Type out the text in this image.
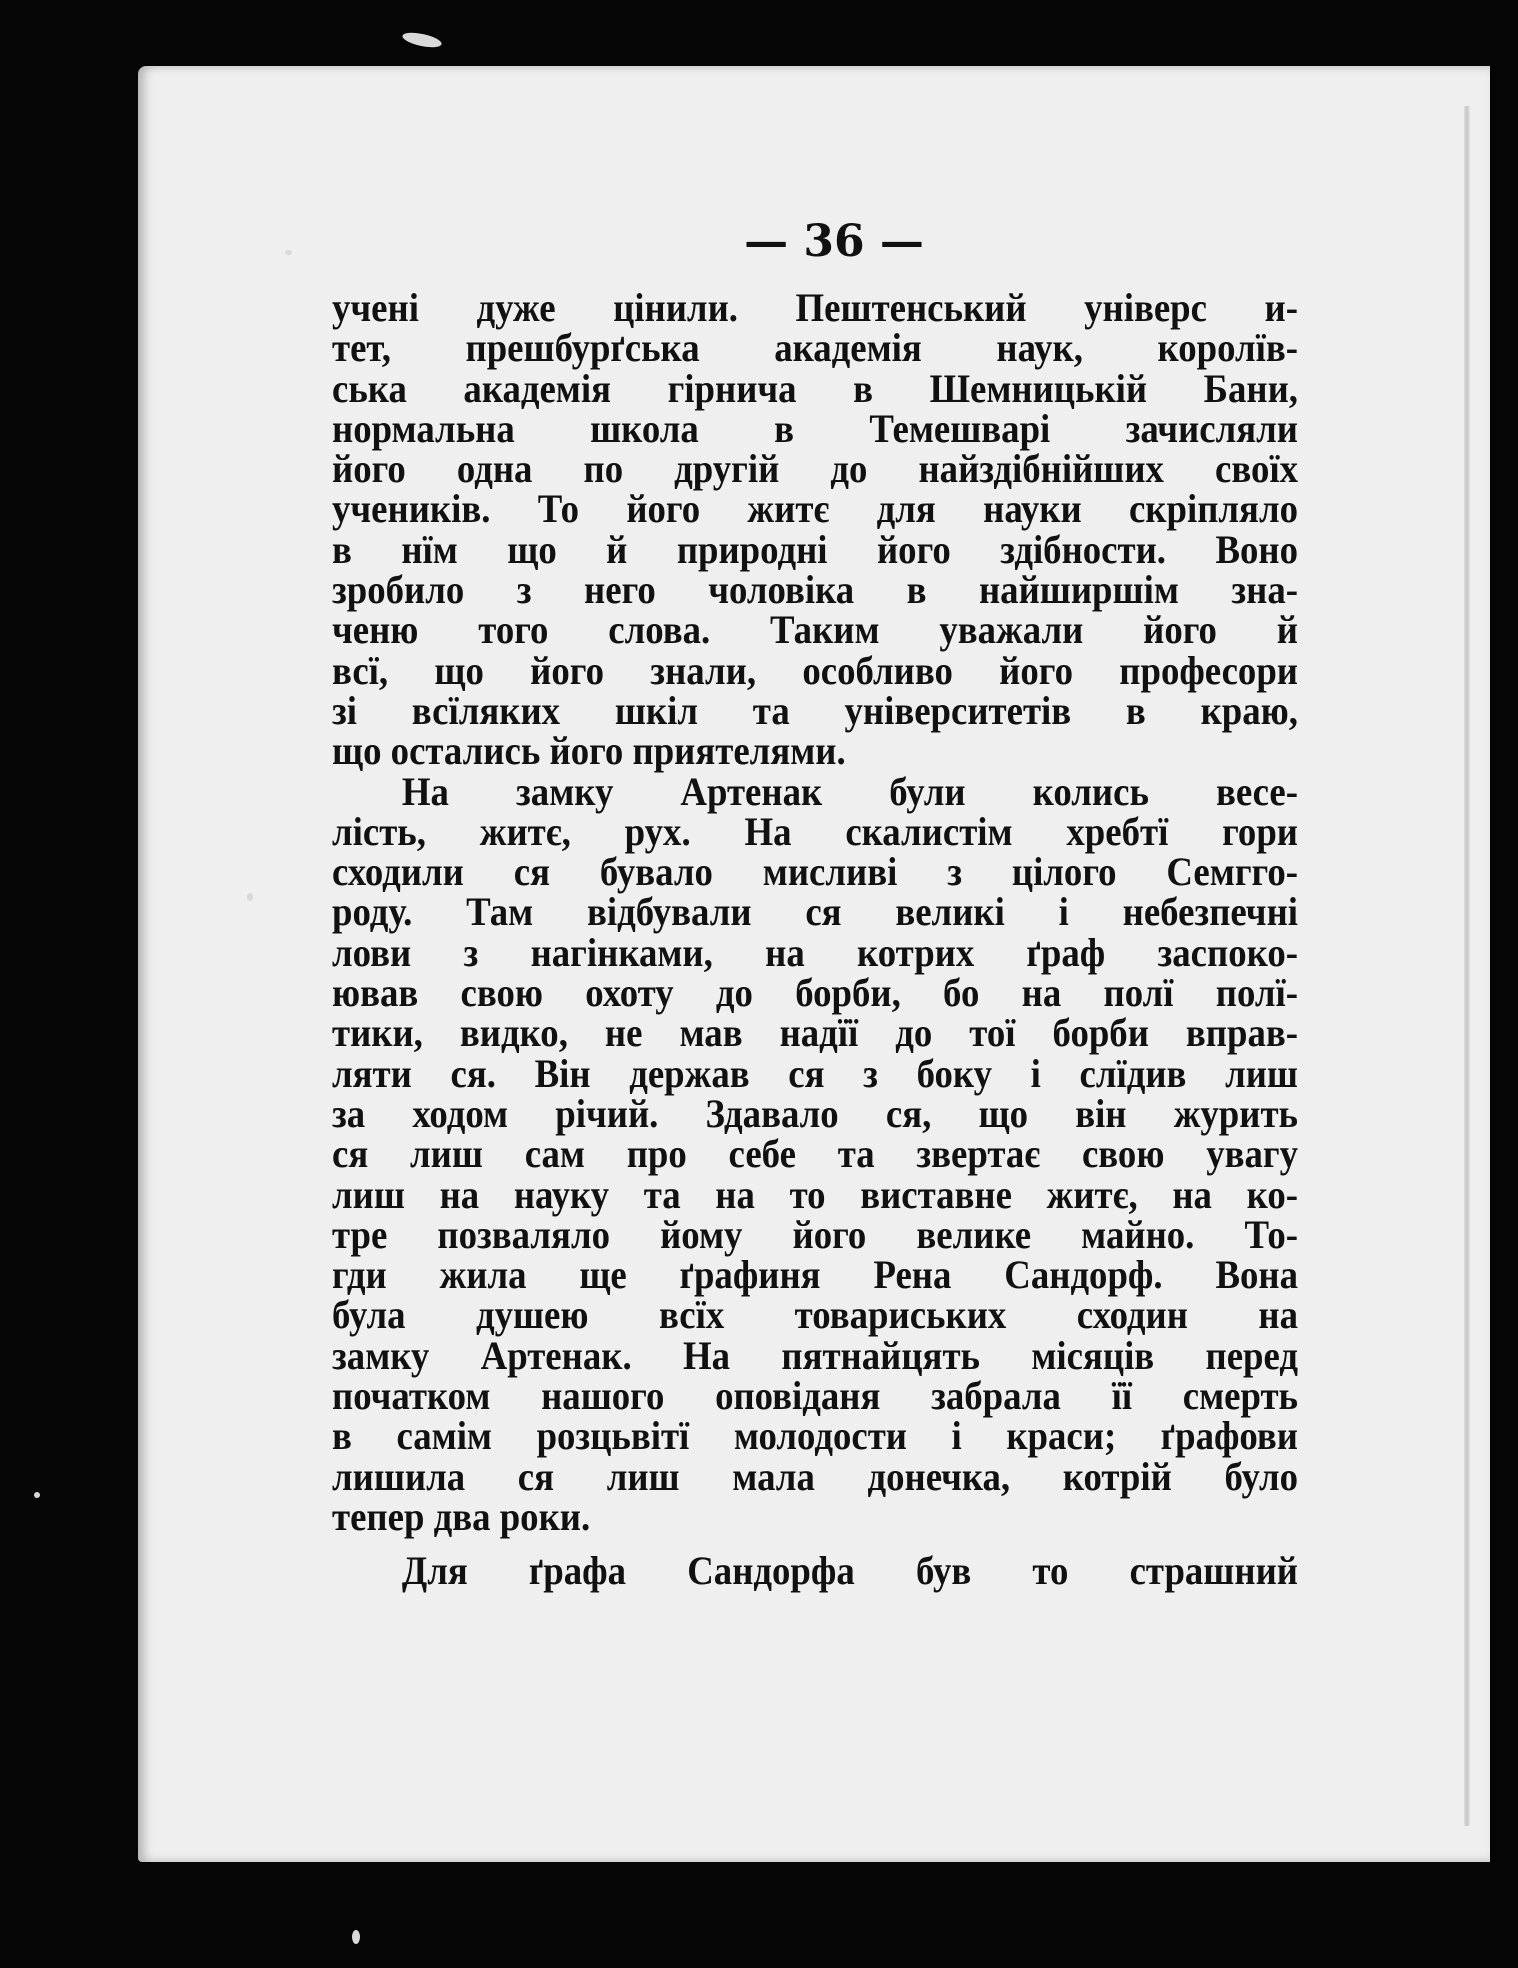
— 36 —
учені дуже цінили. Пештенський універс и-
тет, прешбурґська академія наук, королїв-
ська академія гірнича в Шемницькій Бани,
нормальна школа в Темешварі зачисляли
його одна по другій до найздібнійших своїх
учеників. То його житє для науки скріпляло
в нїм що й природні його здібности. Воно
зробило з него чоловіка в найширшім зна-
ченю того слова. Таким уважали його й
всї, що його знали, особливо його професори
зі всїляких шкіл та університетів в краю,
що остались його приятелями.
На замку Артенак були колись весе-
лість, житє, рух. На скалистім хребтї гори
сходили ся бувало мисливі з цілого Семгго-
роду. Там відбували ся великі і небезпечні
лови з нагінками, на котрих ґраф заспоко-
ював свою охоту до борби, бо на полї полї-
тики, видко, не мав надїї до тої борби вправ-
ляти ся. Він держав ся з боку і слїдив лиш
за ходом річий. Здавало ся, що він журить
ся лиш сам про себе та звертає свою увагу
лиш на науку та на то виставне житє, на ко-
тре позваляло йому його велике майно. То-
гди жила ще ґрафиня Рена Сандорф. Вона
була душею всїх товариських сходин на
замку Артенак. На пятнайцять місяців перед
початком нашого оповіданя забрала її смерть
в самім розцьвітї молодости і краси; ґрафови
лишила ся лиш мала донечка, котрій було
тепер два роки.
Для ґрафа Сандорфа був то страшний
